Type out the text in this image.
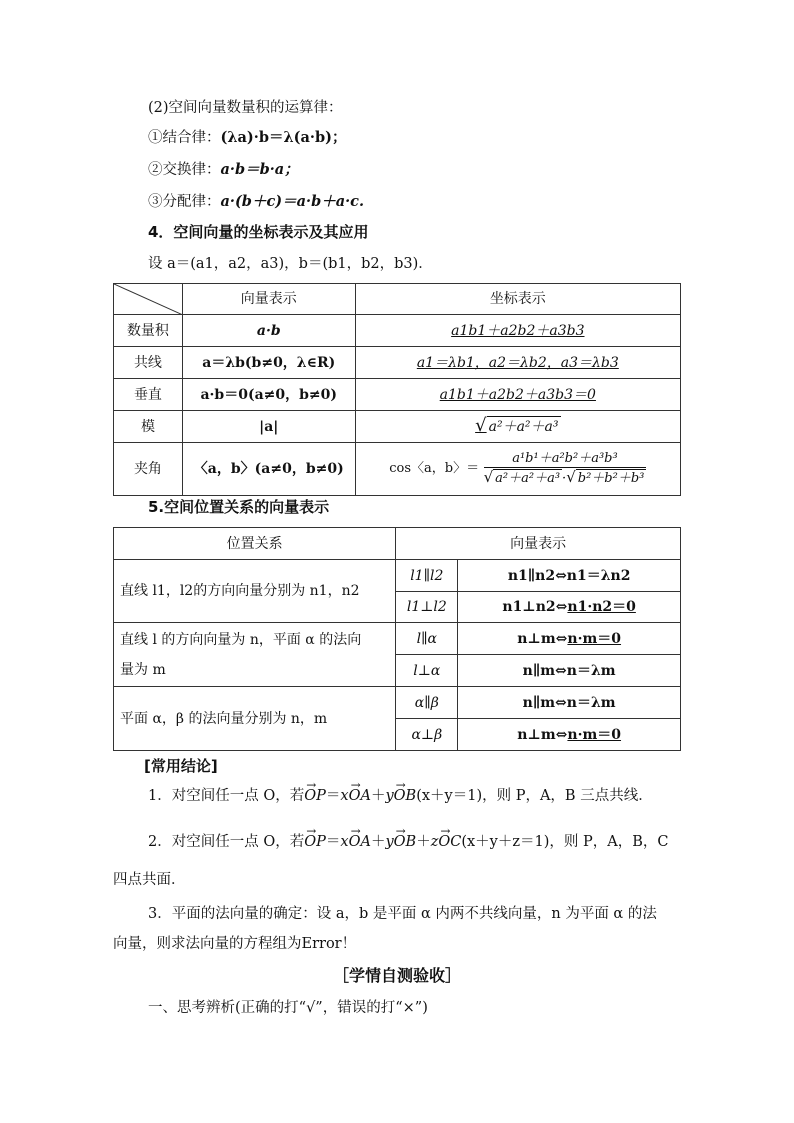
(2)空间向量数量积的运算律：
①结合律：(λa)·b＝λ(a·b)；
②交换律：a·b＝b·a；
③分配律：a·(b＋c)＝a·b＋a·c.
4．空间向量的坐标表示及其应用
设 a＝(a1，a2，a3)，b＝(b1，b2，b3)．
	向量表示	坐标表示
数量积	a·b	a1b1＋a2b2＋a3b3
共线	a＝λb(b≠0，λ∈R)	a1＝λb1，a2＝λb2，a3＝λb3
垂直	a·b＝0(a≠0，b≠0)	a1b1＋a2b2＋a3b3＝0
模	|a|	√ a²＋a²＋a³
夹角	〈a，b〉(a≠0，b≠0)	cos〈a，b〉＝ $\frac{\text{a¹b¹＋a²b²＋a³b³}}{\text{√ a²＋a²＋a³ ·√ b²＋b²＋b³}}$
5.空间位置关系的向量表示
位置关系	向量表示	
直线 l1，l2的方向向量分别为 n1，n2	l1∥l2	n1∥n2⇔n1＝λn2
	l1⊥l2	n1⊥n2⇔n1·n2＝0
直线 l 的方向向量为 n，平面 α 的法向
量为 m	l∥α	n⊥m⇔n·m＝0
	l⊥α	n∥m⇔n＝λm
平面 α，β 的法向量分别为 n，m	α∥β	n∥m⇔n＝λm
	α⊥β	n⊥m⇔n·m＝0
[常用结论]
1．对空间任一点 O，若→ OP＝x→ OA＋y→ OB(x＋y＝1)，则 P，A，B 三点共线．
2．对空间任一点 O，若→ OP＝x→ OA＋y→ OB＋z→ OC(x＋y＋z＝1)，则 P，A，B，C
四点共面．
3．平面的法向量的确定：设 a，b 是平面 α 内两不共线向量，n 为平面 α 的法
向量，则求法向量的方程组为Error！
［学情自测验收］
一、思考辨析(正确的打“√”，错误的打“×”)
